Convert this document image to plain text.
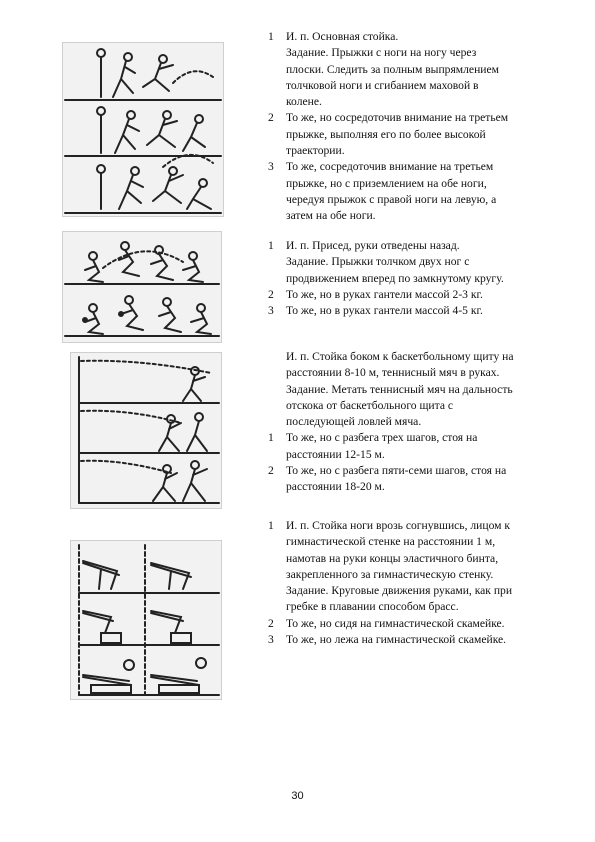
1 И. п. Основная стойка.
Задание. Прыжки с ноги на ногу через плоски. Следить за полным выпрямлением толчковой ноги и сгибанием маховой в колене.
2 То же, но сосредоточив внимание на третьем прыжке, выполняя его по более высокой траектории.
3 То же, сосредоточив внимание на третьем прыжке, но с приземлением на обе ноги, чередуя прыжок с правой ноги на левую, а затем на обе ноги.
1 И. п. Присед, руки отведены назад.
Задание. Прыжки толчком двух ног с продвижением вперед по замкнутому кругу.
2 То же, но в руках гантели массой 2-3 кг.
3 То же, но в руках гантели массой 4-5 кг.
И. п. Стойка боком к баскетбольному щиту на расстоянии 8-10 м, теннисный мяч в руках.
Задание. Метать теннисный мяч на дальность отскока от баскетбольного щита с последующей ловлей мяча.
1 То же, но с разбега трех шагов, стоя на расстоянии 12-15 м.
2 То же, но с разбега пяти-семи шагов, стоя на расстоянии 18-20 м.
1 И. п. Стойка ноги врозь согнувшись, лицом к гимнастической стенке на расстоянии 1 м, намотав на руки концы эластичного бинта, закрепленного за гимнастическую стенку.
Задание. Круговые движения руками, как при гребке в плавании способом брасс.
2 То же, но сидя на гимнастической скамейке.
3 То же, но лежа на гимнастической скамейке.
30
